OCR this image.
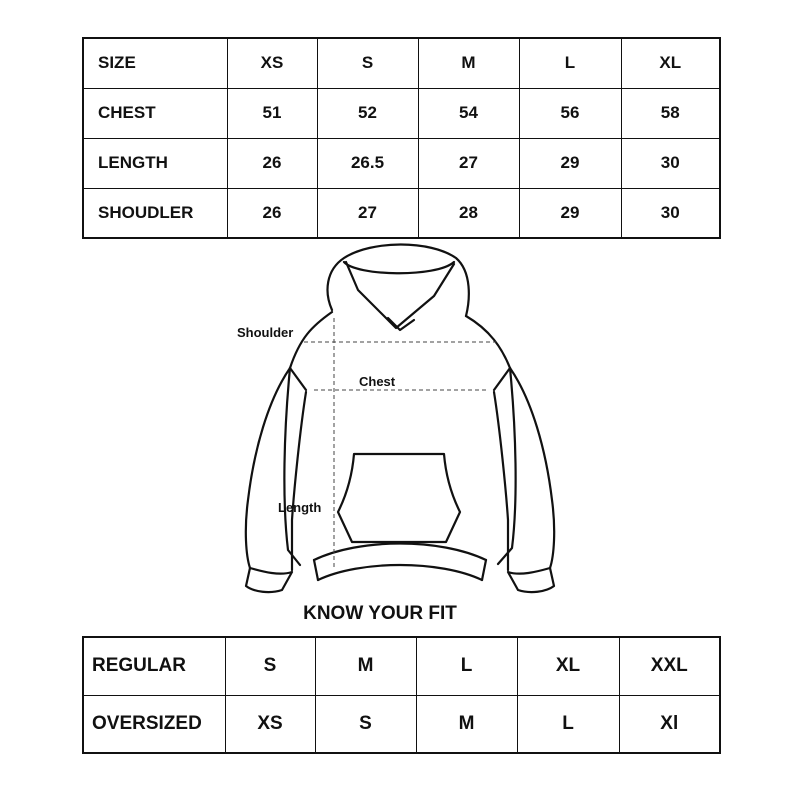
SIZE	XS	S	M	L	XL
CHEST	51	52	54	56	58
LENGTH	26	26.5	27	29	30
SHOUDLER	26	27	28	29	30
Shoulder
Chest
Length
KNOW YOUR FIT
REGULAR	S	M	L	XL	XXL
OVERSIZED	XS	S	M	L	Xl
